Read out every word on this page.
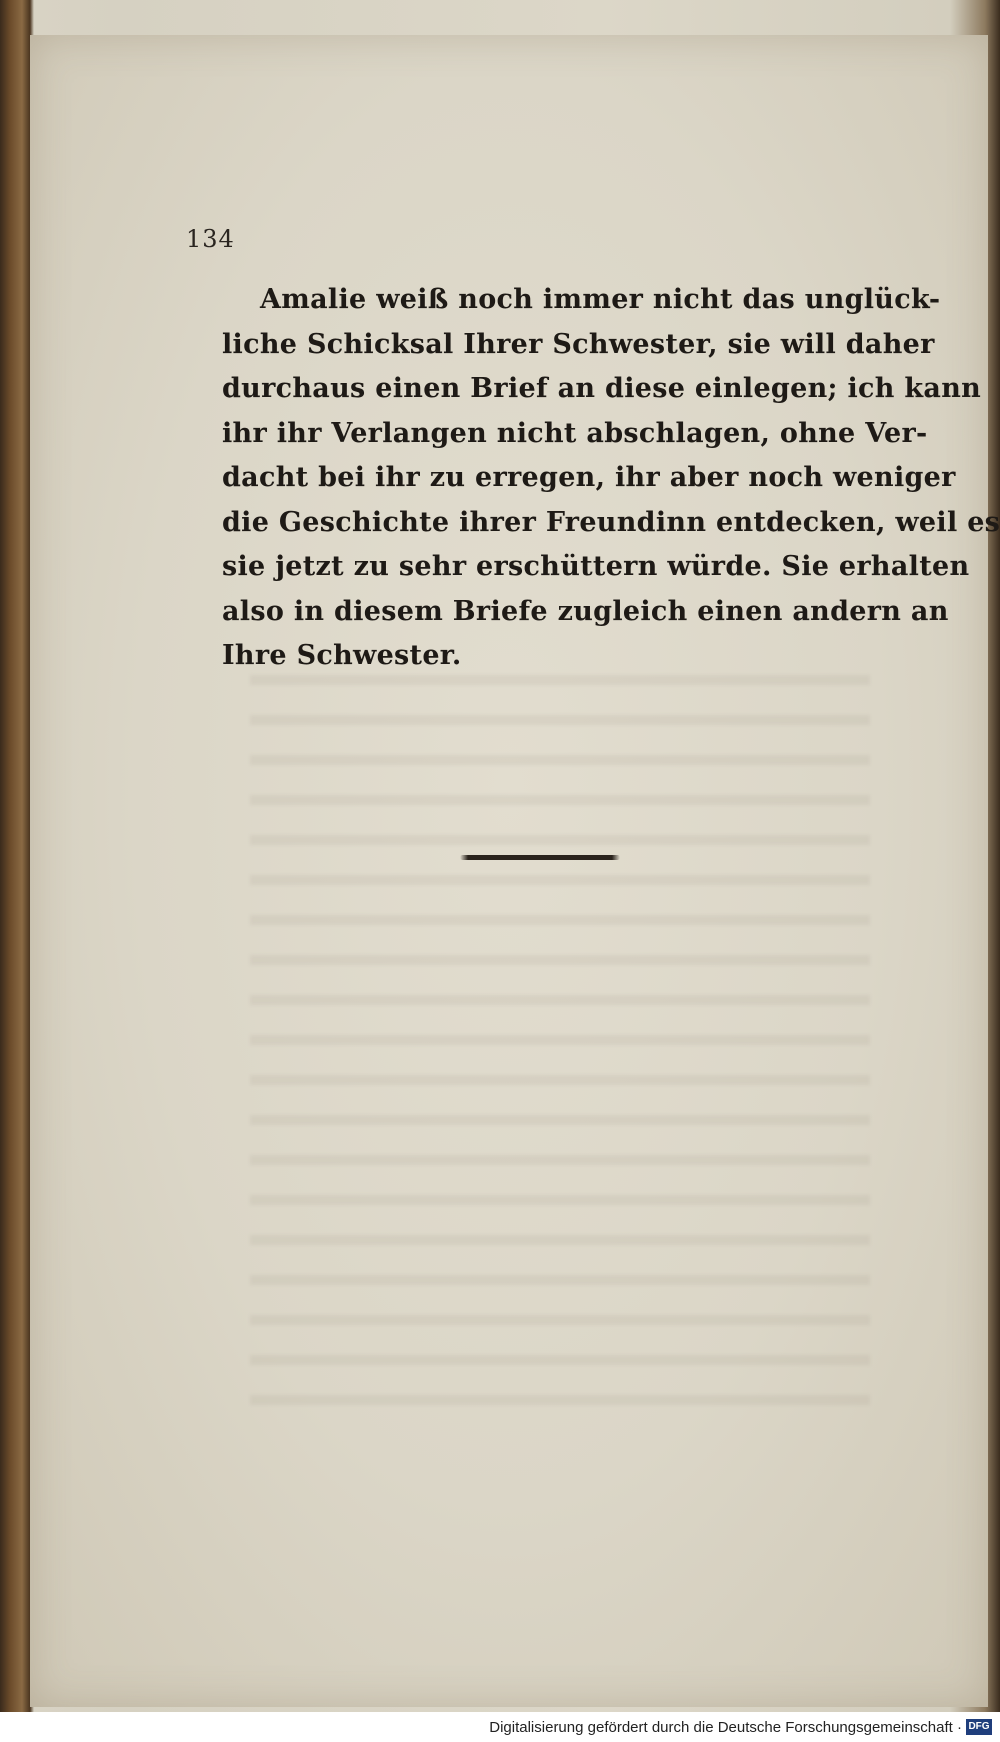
134
Amalie weiß noch immer nicht das unglück-
liche Schicksal Ihrer Schwester, sie will daher
durchaus einen Brief an diese einlegen; ich kann
ihr ihr Verlangen nicht abschlagen, ohne Ver-
dacht bei ihr zu erregen, ihr aber noch weniger
die Geschichte ihrer Freundinn entdecken, weil es
sie jetzt zu sehr erschüttern würde. Sie erhalten
also in diesem Briefe zugleich einen andern an
Ihre Schwester.
Digitalisierung gefördert durch die Deutsche Forschungsgemeinschaft · DFG
